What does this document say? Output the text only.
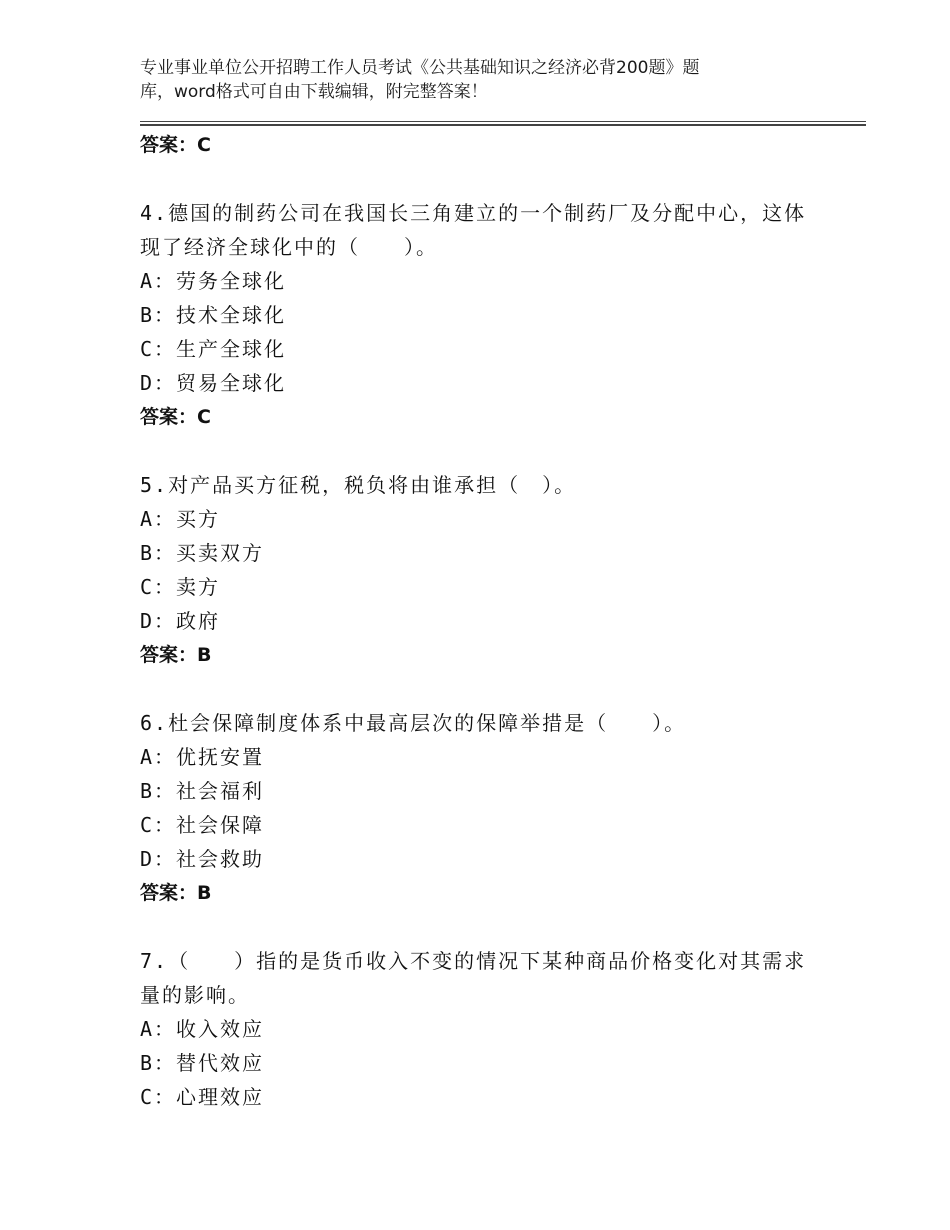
专业事业单位公开招聘工作人员考试《公共基础知识之经济必背200题》题
库，word格式可自由下载编辑，附完整答案！
答案：C
4.德国的制药公司在我国长三角建立的一个制药厂及分配中心，这体
现了经济全球化中的（　　）。
A：劳务全球化
B：技术全球化
C：生产全球化
D：贸易全球化
答案：C
5.对产品买方征税，税负将由谁承担（　）。
A：买方
B：买卖双方
C：卖方
D：政府
答案：B
6.杜会保障制度体系中最高层次的保障举措是（　　）。
A：优抚安置
B：社会福利
C：社会保障
D：社会救助
答案：B
7.（　　）指的是货币收入不变的情况下某种商品价格变化对其需求
量的影响。
A：收入效应
B：替代效应
C：心理效应
